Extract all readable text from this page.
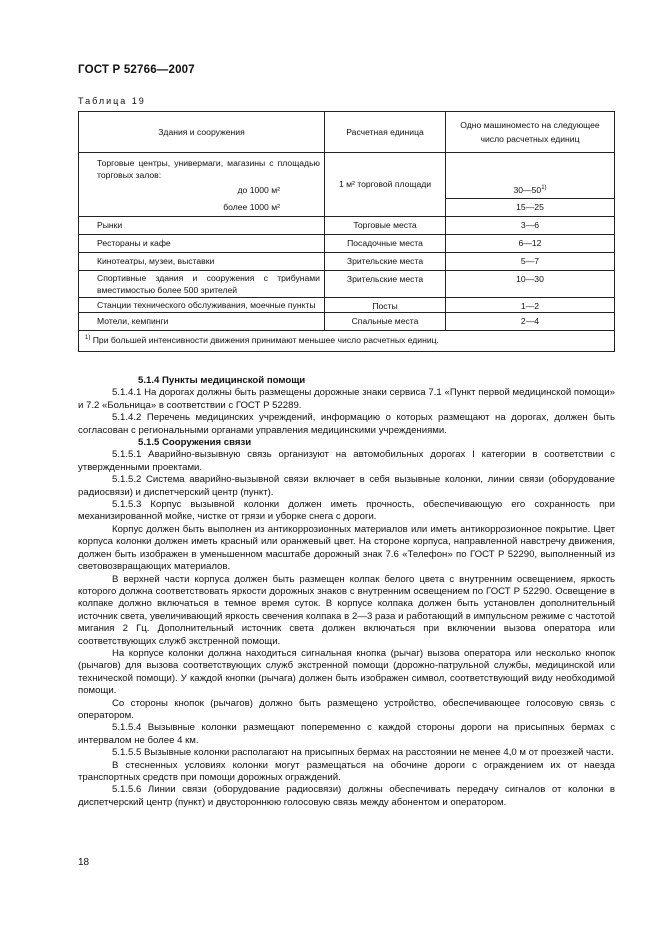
ГОСТ Р 52766—2007
Таблица 19
Здания и сооружения	Расчетная единица	Одно машиноместо на следующее
число расчетных единиц

Торговые центры, универмаги, магазины с площадью торговых залов:
до 1000 м²	1 м² торговой площади	30—50$^{1)}$

более 1000 м²		15—25

Рынки	Торговые места	3—6

Рестораны и кафе	Посадочные места	6—12

Кинотеатры, музеи, выставки	Зрительские места	5—7

Спортивные здания и сооружения с трибунами вместимостью более 500 зрителей	Зрительские места	10—30

Станции технического обслуживания, моечные пункты	Посты	1—2

Мотели, кемпинги	Спальные места	2—4
$^{1)}$ При большей интенсивности движения принимают меньшее число расчетных единиц.		

5.1.4 Пункты медицинской помощи

5.1.4.1 На дорогах должны быть размещены дорожные знаки сервиса 7.1 «Пункт первой медицинской помощи» и 7.2 «Больница» в соответствии с ГОСТ Р 52289.

5.1.4.2 Перечень медицинских учреждений, информацию о которых размещают на дорогах, должен быть согласован с региональными органами управления медицинскими учреждениями.

5.1.5 Сооружения связи

5.1.5.1 Аварийно-вызывную связь организуют на автомобильных дорогах I категории в соответствии с утвержденными проектами.

5.1.5.2 Система аварийно-вызывной связи включает в себя вызывные колонки, линии связи (оборудование радиосвязи) и диспетчерский центр (пункт).

5.1.5.3 Корпус вызывной колонки должен иметь прочность, обеспечивающую его сохранность при механизированной мойке, чистке от грязи и уборке снега с дороги.

Корпус должен быть выполнен из антикоррозионных материалов или иметь антикоррозионное покрытие. Цвет корпуса колонки должен иметь красный или оранжевый цвет. На стороне корпуса, направленной навстречу движения, должен быть изображен в уменьшенном масштабе дорожный знак 7.6 «Телефон» по ГОСТ Р 52290, выполненный из световозвращающих материалов.

В верхней части корпуса должен быть размещен колпак белого цвета с внутренним освещением, яркость которого должна соответствовать яркости дорожных знаков с внутренним освещением по ГОСТ Р 52290. Освещение в колпаке должно включаться в темное время суток. В корпусе колпака должен быть установлен дополнительный источник света, увеличивающий яркость свечения колпака в 2—3 раза и работающий в импульсном режиме с частотой мигания 2 Гц. Дополнительный источник света должен включаться при включении вызова оператора или соответствующих служб экстренной помощи.

На корпусе колонки должна находиться сигнальная кнопка (рычаг) вызова оператора или несколько кнопок (рычагов) для вызова соответствующих служб экстренной помощи (дорожно-патрульной службы, медицинской или технической помощи). У каждой кнопки (рычага) должен быть изображен символ, соответствующий виду необходимой помощи.

Со стороны кнопок (рычагов) должно быть размещено устройство, обеспечивающее голосовую связь с оператором.

5.1.5.4 Вызывные колонки размещают попеременно с каждой стороны дороги на присыпных бермах с интервалом не более 4 км.

5.1.5.5 Вызывные колонки располагают на присыпных бермах на расстоянии не менее 4,0 м от проезжей части.

В стесненных условиях колонки могут размещаться на обочине дороги с ограждением их от наезда транспортных средств при помощи дорожных ограждений.

5.1.5.6 Линии связи (оборудование радиосвязи) должны обеспечивать передачу сигналов от колонки в диспетчерский центр (пункт) и двустороннюю голосовую связь между абонентом и оператором.

18
